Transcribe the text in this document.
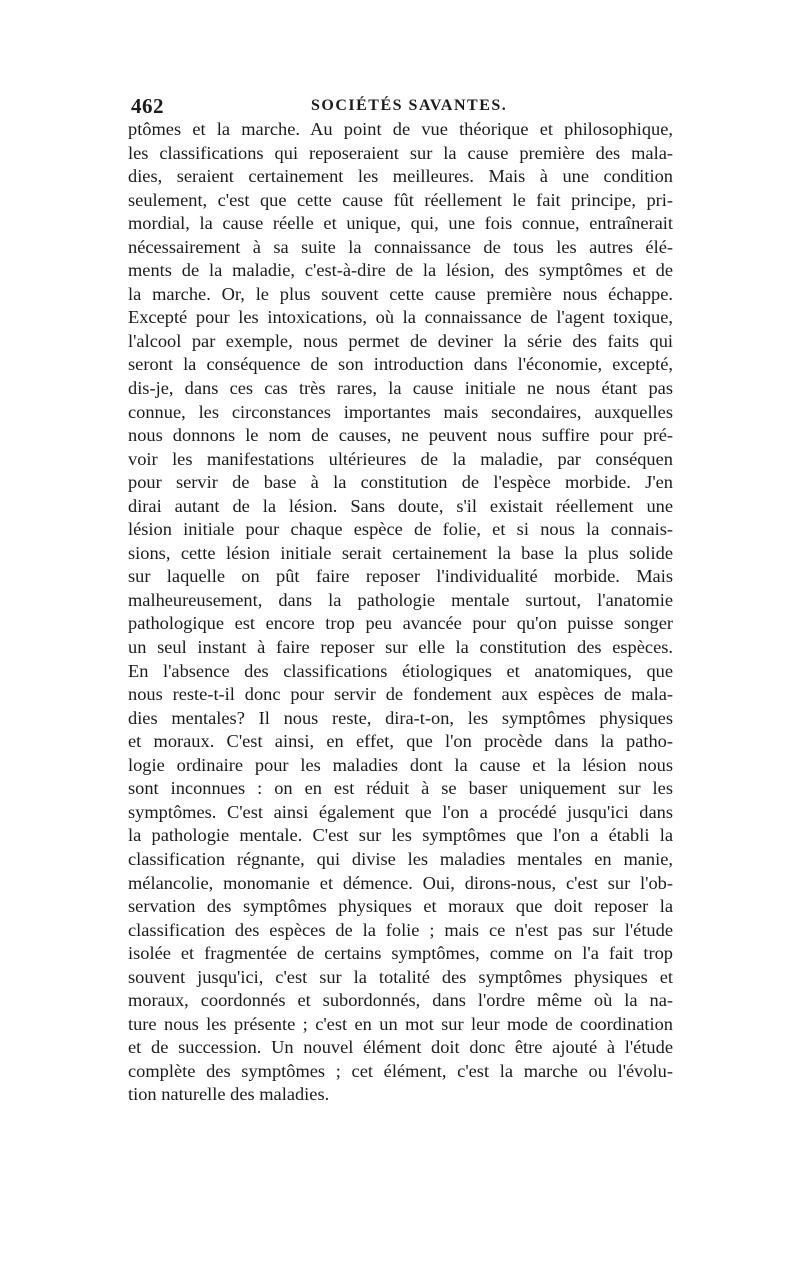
462	SOCIÉTÉS SAVANTES.
ptômes et la marche. Au point de vue théorique et philosophique,
les classifications qui reposeraient sur la cause première des mala-
dies, seraient certainement les meilleures. Mais à une condition
seulement, c'est que cette cause fût réellement le fait principe, pri-
mordial, la cause réelle et unique, qui, une fois connue, entraînerait
nécessairement à sa suite la connaissance de tous les autres élé-
ments de la maladie, c'est-à-dire de la lésion, des symptômes et de
la marche. Or, le plus souvent cette cause première nous échappe.
Excepté pour les intoxications, où la connaissance de l'agent toxique,
l'alcool par exemple, nous permet de deviner la série des faits qui
seront la conséquence de son introduction dans l'économie, excepté,
dis-je, dans ces cas très rares, la cause initiale ne nous étant pas
connue, les circonstances importantes mais secondaires, auxquelles
nous donnons le nom de causes, ne peuvent nous suffire pour pré-
voir les manifestations ultérieures de la maladie, par conséquen
pour servir de base à la constitution de l'espèce morbide. J'en
dirai autant de la lésion. Sans doute, s'il existait réellement une
lésion initiale pour chaque espèce de folie, et si nous la connais-
sions, cette lésion initiale serait certainement la base la plus solide
sur laquelle on pût faire reposer l'individualité morbide. Mais
malheureusement, dans la pathologie mentale surtout, l'anatomie
pathologique est encore trop peu avancée pour qu'on puisse songer
un seul instant à faire reposer sur elle la constitution des espèces.
En l'absence des classifications étiologiques et anatomiques, que
nous reste-t-il donc pour servir de fondement aux espèces de mala-
dies mentales? Il nous reste, dira-t-on, les symptômes physiques
et moraux. C'est ainsi, en effet, que l'on procède dans la patho-
logie ordinaire pour les maladies dont la cause et la lésion nous
sont inconnues : on en est réduit à se baser uniquement sur les
symptômes. C'est ainsi également que l'on a procédé jusqu'ici dans
la pathologie mentale. C'est sur les symptômes que l'on a établi la
classification régnante, qui divise les maladies mentales en manie,
mélancolie, monomanie et démence. Oui, dirons-nous, c'est sur l'ob-
servation des symptômes physiques et moraux que doit reposer la
classification des espèces de la folie ; mais ce n'est pas sur l'étude
isolée et fragmentée de certains symptômes, comme on l'a fait trop
souvent jusqu'ici, c'est sur la totalité des symptômes physiques et
moraux, coordonnés et subordonnés, dans l'ordre même où la na-
ture nous les présente ; c'est en un mot sur leur mode de coordination
et de succession. Un nouvel élément doit donc être ajouté à l'étude
complète des symptômes ; cet élément, c'est la marche ou l'évolu-
tion naturelle des maladies.
